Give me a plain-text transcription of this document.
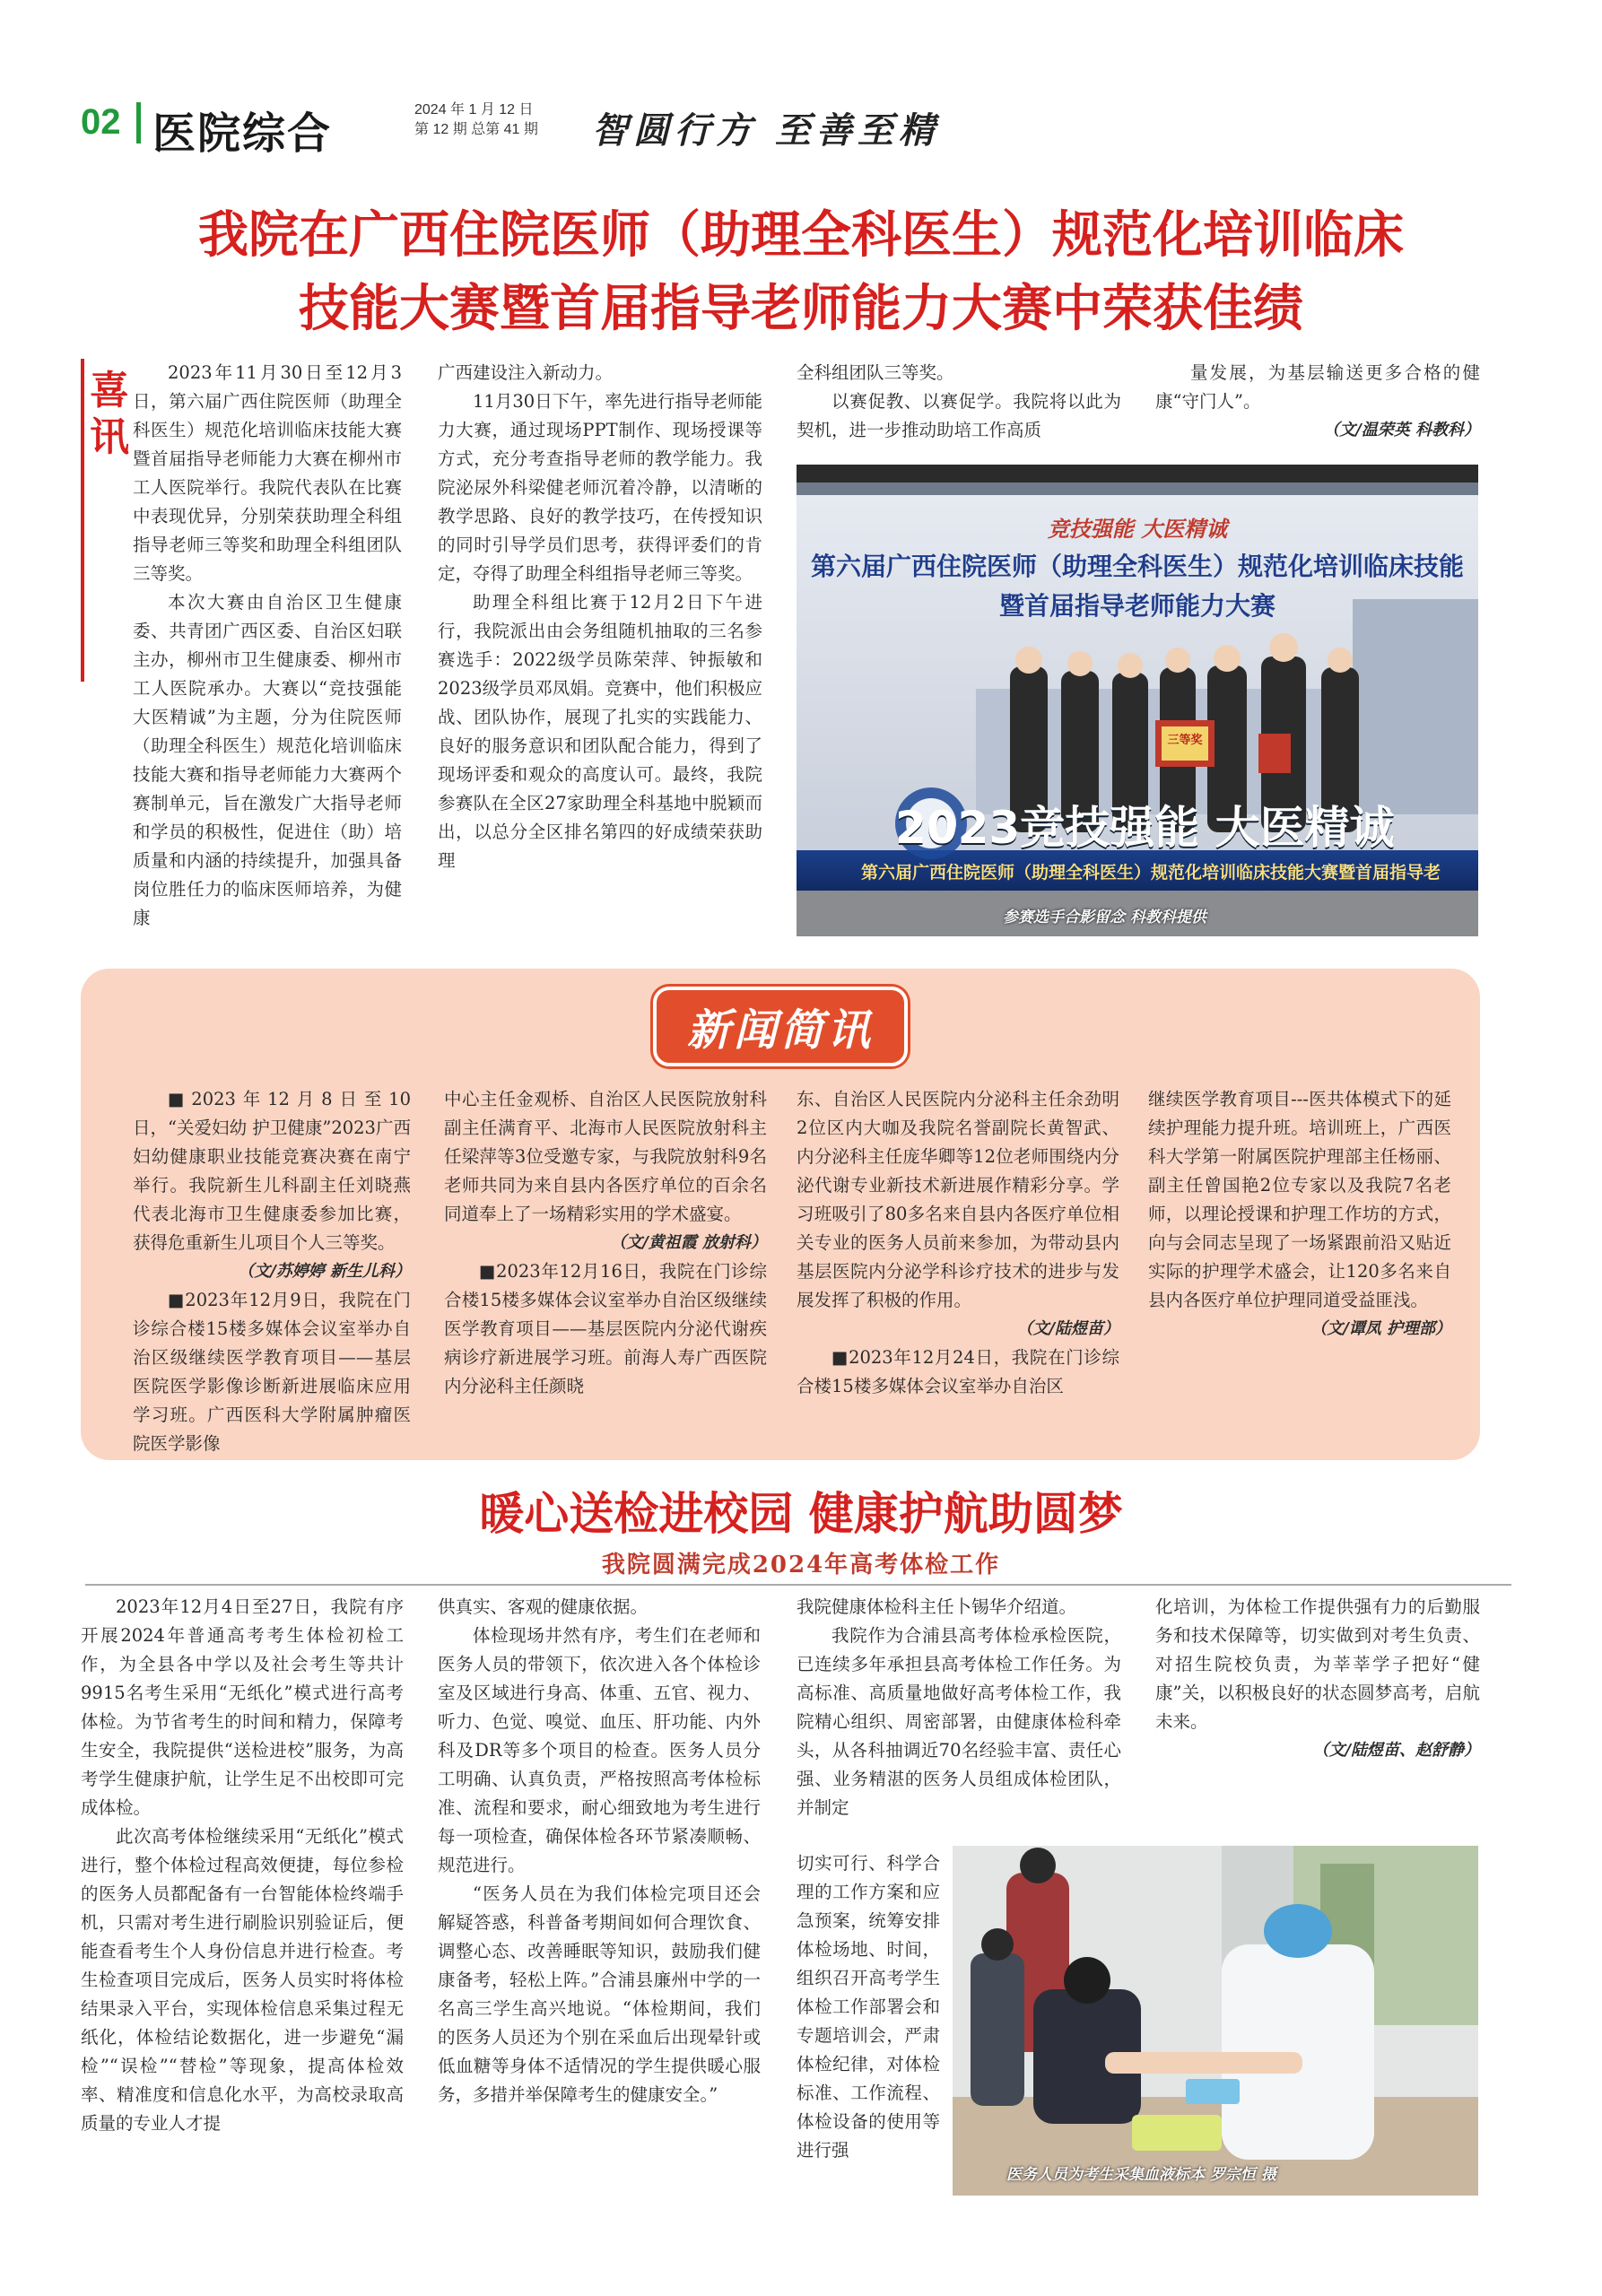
02 医院综合	2024 年 1 月 12 日
第 12 期 总第 41 期 智圆行方 至善至精
我院在广西住院医师（助理全科医生）规范化培训临床
技能大赛暨首届指导老师能力大赛中荣获佳绩
喜讯

2023年11月30日至12月3日，第六届广西住院医师（助理全科医生）规范化培训临床技能大赛暨首届指导老师能力大赛在柳州市工人医院举行。我院代表队在比赛中表现优异，分别荣获助理全科组指导老师三等奖和助理全科组团队三等奖。

本次大赛由自治区卫生健康委、共青团广西区委、自治区妇联主办，柳州市卫生健康委、柳州市工人医院承办。大赛以“竞技强能 大医精诚”为主题，分为住院医师（助理全科医生）规范化培训临床技能大赛和指导老师能力大赛两个赛制单元，旨在激发广大指导老师和学员的积极性，促进住（助）培质量和内涵的持续提升，加强具备岗位胜任力的临床医师培养，为健康

广西建设注入新动力。

11月30日下午，率先进行指导老师能力大赛，通过现场PPT制作、现场授课等方式，充分考查指导老师的教学能力。我院泌尿外科梁健老师沉着冷静，以清晰的教学思路、良好的教学技巧，在传授知识的同时引导学员们思考，获得评委们的肯定，夺得了助理全科组指导老师三等奖。

助理全科组比赛于12月2日下午进行，我院派出由会务组随机抽取的三名参赛选手：2022级学员陈荣萍、钟振敏和2023级学员邓凤娟。竞赛中，他们积极应战、团队协作，展现了扎实的实践能力、良好的服务意识和团队配合能力，得到了现场评委和观众的高度认可。最终，我院参赛队在全区27家助理全科基地中脱颖而出，以总分全区排名第四的好成绩荣获助理

全科组团队三等奖。

以赛促教、以赛促学。我院将以此为契机，进一步推动助培工作高质

量发展，为基层输送更多合格的健康“守门人”。

（文/温荣英 科教科）
竞技强能 大医精诚
第六届广西住院医师（助理全科医生）规范化培训临床技能
暨首届指导老师能力大赛
三等奖
2023竞技强能 大医精诚
第六届广西住院医师（助理全科医生）规范化培训临床技能大赛暨首届指导老
参赛选手合影留念 科教科提供
新闻简讯

■2023年12月8日至10日，“关爱妇幼 护卫健康”2023广西妇幼健康职业技能竞赛决赛在南宁举行。我院新生儿科副主任刘晓燕代表北海市卫生健康委参加比赛，获得危重新生儿项目个人三等奖。

（文/苏婷婷 新生儿科）

■2023年12月9日，我院在门诊综合楼15楼多媒体会议室举办自治区级继续医学教育项目——基层医院医学影像诊断新进展临床应用学习班。广西医科大学附属肿瘤医院医学影像

中心主任金观桥、自治区人民医院放射科副主任满育平、北海市人民医院放射科主任梁萍等3位受邀专家，与我院放射科9名老师共同为来自县内各医疗单位的百余名同道奉上了一场精彩实用的学术盛宴。

（文/黄祖霞 放射科）

■2023年12月16日，我院在门诊综合楼15楼多媒体会议室举办自治区级继续医学教育项目——基层医院内分泌代谢疾病诊疗新进展学习班。前海人寿广西医院内分泌科主任颜晓

东、自治区人民医院内分泌科主任余劲明2位区内大咖及我院名誉副院长黄智武、内分泌科主任庞华卿等12位老师围绕内分泌代谢专业新技术新进展作精彩分享。学习班吸引了80多名来自县内各医疗单位相关专业的医务人员前来参加，为带动县内基层医院内分泌学科诊疗技术的进步与发展发挥了积极的作用。

（文/陆煜苗）

■2023年12月24日，我院在门诊综合楼15楼多媒体会议室举办自治区

继续医学教育项目---医共体模式下的延续护理能力提升班。培训班上，广西医科大学第一附属医院护理部主任杨丽、副主任曾国艳2位专家以及我院7名老师，以理论授课和护理工作坊的方式，向与会同志呈现了一场紧跟前沿又贴近实际的护理学术盛会，让120多名来自县内各医疗单位护理同道受益匪浅。

（文/谭凤 护理部）
暖心送检进校园 健康护航助圆梦
我院圆满完成2024年高考体检工作

2023年12月4日至27日，我院有序开展2024年普通高考考生体检初检工作，为全县各中学以及社会考生等共计9915名考生采用“无纸化”模式进行高考体检。为节省考生的时间和精力，保障考生安全，我院提供“送检进校”服务，为高考学生健康护航，让学生足不出校即可完成体检。

此次高考体检继续采用“无纸化”模式进行，整个体检过程高效便捷，每位参检的医务人员都配备有一台智能体检终端手机，只需对考生进行刷脸识别验证后，便能查看考生个人身份信息并进行检查。考生检查项目完成后，医务人员实时将体检结果录入平台，实现体检信息采集过程无纸化，体检结论数据化，进一步避免“漏检”“误检”“替检”等现象，提高体检效率、精准度和信息化水平，为高校录取高质量的专业人才提

供真实、客观的健康依据。

体检现场井然有序，考生们在老师和医务人员的带领下，依次进入各个体检诊室及区域进行身高、体重、五官、视力、听力、色觉、嗅觉、血压、肝功能、内外科及DR等多个项目的检查。医务人员分工明确、认真负责，严格按照高考体检标准、流程和要求，耐心细致地为考生进行每一项检查，确保体检各环节紧凑顺畅、规范进行。

“医务人员在为我们体检完项目还会解疑答惑，科普备考期间如何合理饮食、调整心态、改善睡眠等知识，鼓励我们健康备考，轻松上阵。”合浦县廉州中学的一名高三学生高兴地说。“体检期间，我们的医务人员还为个别在采血后出现晕针或低血糖等身体不适情况的学生提供暖心服务，多措并举保障考生的健康安全。”

我院健康体检科主任卜锡华介绍道。

我院作为合浦县高考体检承检医院，已连续多年承担县高考体检工作任务。为高标准、高质量地做好高考体检工作，我院精心组织、周密部署，由健康体检科牵头，从各科抽调近70名经验丰富、责任心强、业务精湛的医务人员组成体检团队，并制定

切实可行、科学合理的工作方案和应急预案，统筹安排体检场地、时间，组织召开高考学生体检工作部署会和专题培训会，严肃体检纪律，对体检标准、工作流程、体检设备的使用等进行强

化培训，为体检工作提供强有力的后勤服务和技术保障等，切实做到对考生负责、对招生院校负责，为莘莘学子把好“健康”关，以积极良好的状态圆梦高考，启航未来。

（文/陆煜苗、赵舒静）
医务人员为考生采集血液标本 罗宗恒 摄
